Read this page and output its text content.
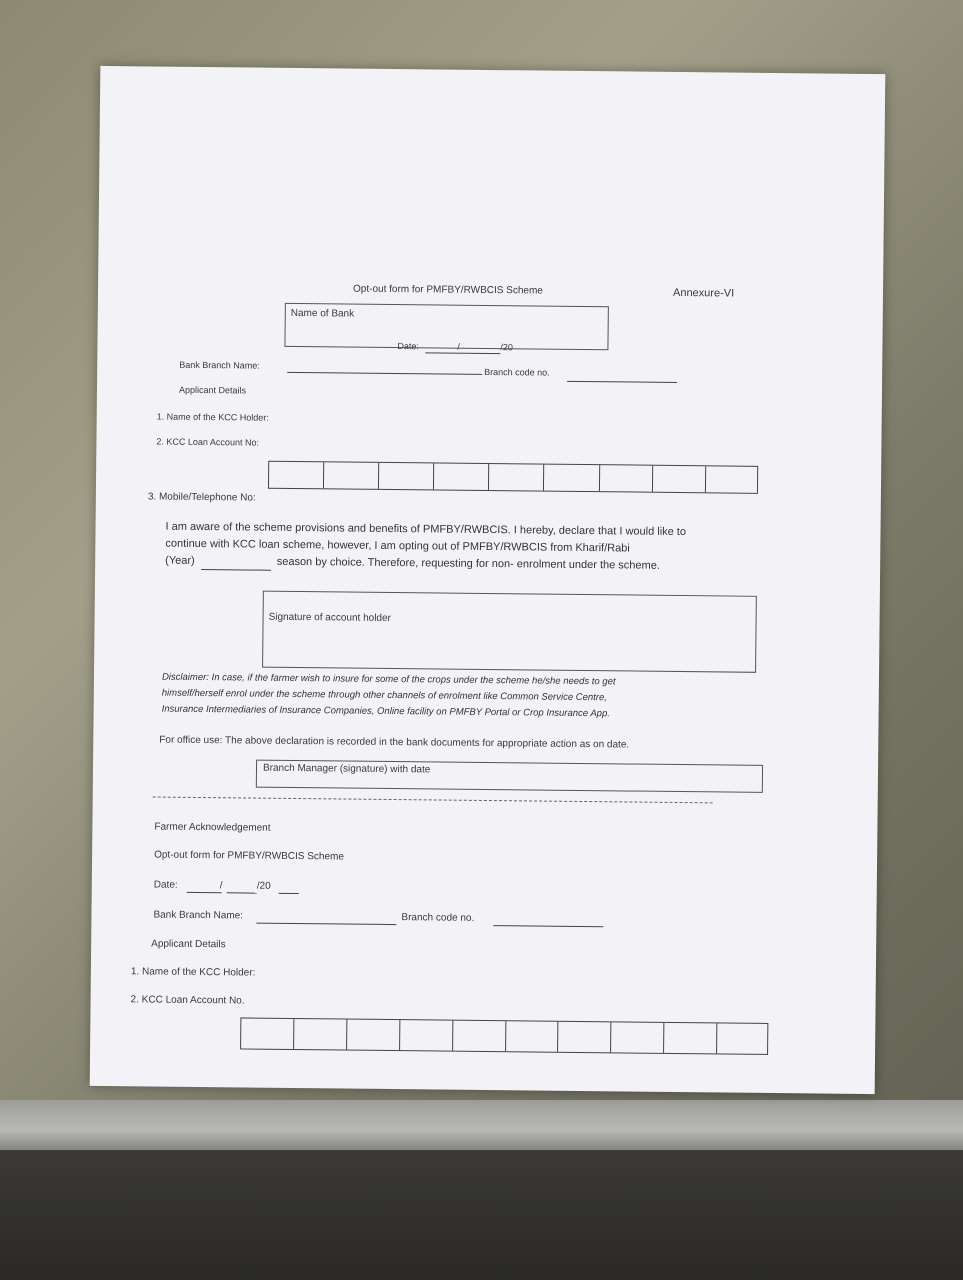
Annexure-VI
Opt-out form for PMFBY/RWBCIS Scheme
Name of Bank
Date:	/	/20
Bank Branch Name:
Branch code no.
Applicant Details
1. Name of the KCC Holder:
2. KCC Loan Account No:
3. Mobile/Telephone No:
I am aware of the scheme provisions and benefits of PMFBY/RWBCIS. I hereby, declare that I would like to
continue with KCC loan scheme, however, I am opting out of PMFBY/RWBCIS from Kharif/Rabi
(Year)	season by choice. Therefore, requesting for non- enrolment under the scheme.
Signature of account holder
Disclaimer: In case, if the farmer wish to insure for some of the crops under the scheme he/she needs to get
himself/herself enrol under the scheme through other channels of enrolment like Common Service Centre,
Insurance Intermediaries of Insurance Companies, Online facility on PMFBY Portal or Crop Insurance App.
For office use: The above declaration is recorded in the bank documents for appropriate action as on date.
Branch Manager (signature) with date
Farmer Acknowledgement
Opt-out form for PMFBY/RWBCIS Scheme
Date:	/	/20
Bank Branch Name:	Branch code no.
Applicant Details
1. Name of the KCC Holder:
2. KCC Loan Account No.
